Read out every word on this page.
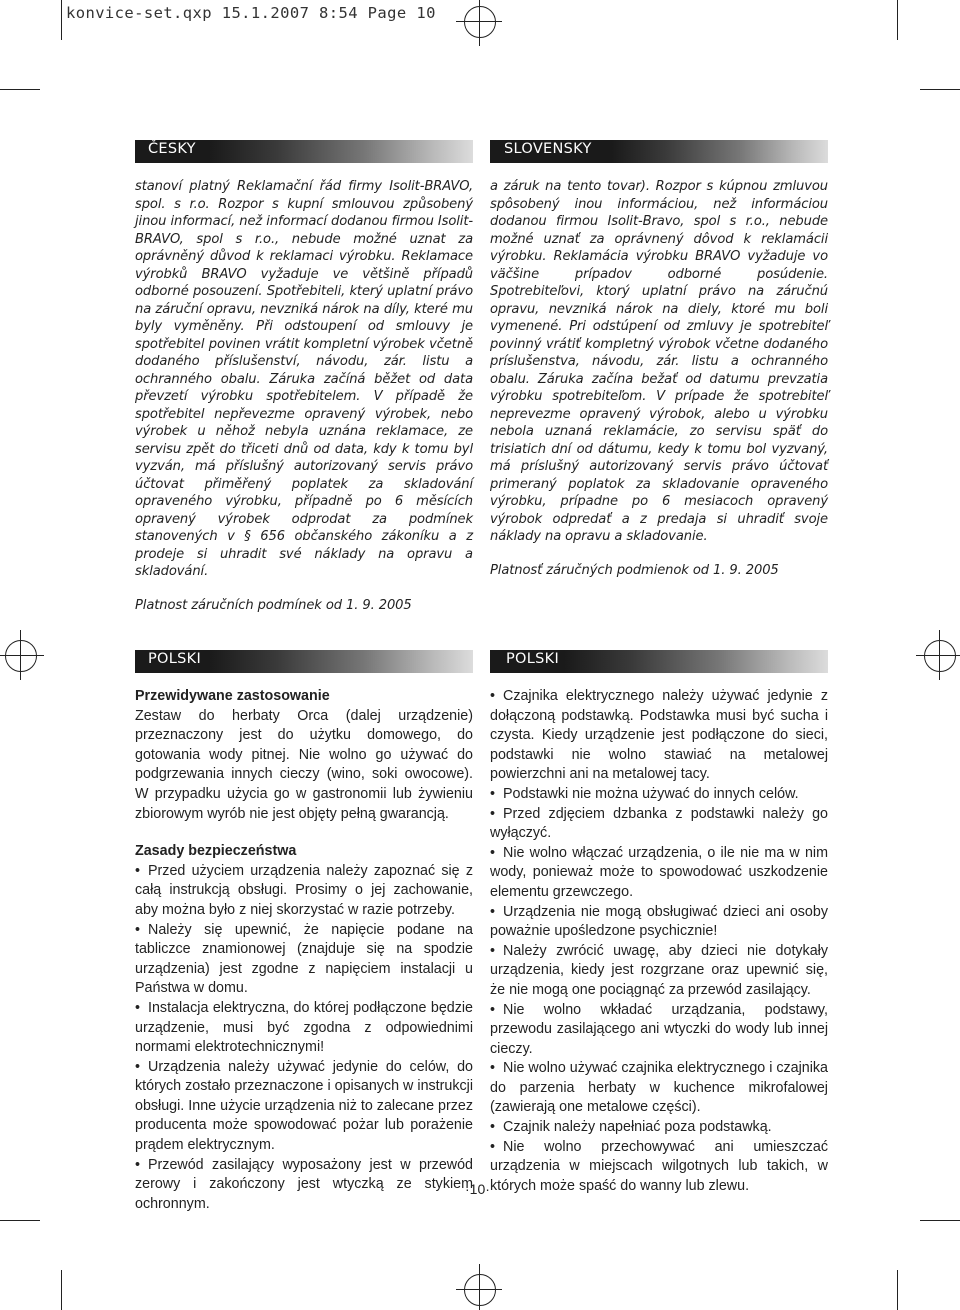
konvice-set.qxp 15.1.2007 8:54 Page 10
ČESKY	SLOVENSKY
POLSKI	POLSKI

stanoví platný Reklamační řád firmy Isolit-BRAVO, spol. s r.o. Rozpor s kupní smlouvou způsobený jinou informací, než informací dodanou firmou Isolit-BRAVO, spol s r.o., nebude možné uznat za oprávněný důvod k reklamaci výrobku. Reklamace výrobků BRAVO vyžaduje ve většině případů odborné posouzení. Spotřebiteli, který uplatní právo na záruční opravu, nevzniká nárok na díly, které mu byly vyměněny. Při odstoupení od smlouvy je spotřebitel povinen vrátit kompletní výrobek včetně dodaného příslušenství, návodu, zár. listu a ochranného obalu. Záruka začíná běžet od data převzetí výrobku spotřebitelem. V případě že spotřebitel nepřevezme opravený výrobek, nebo výrobek u něhož nebyla uznána reklamace, ze servisu zpět do třiceti dnů od data, kdy k tomu byl vyzván, má příslušný autorizovaný servis právo účtovat přiměřený poplatek za skladování opraveného výrobku, případně po 6 měsících opravený výrobek odprodat za podmínek stanovených v § 656 občanského zákoníku a z prodeje si uhradit své náklady na opravu a skladování.

Platnost záručních podmínek od 1. 9. 2005

a záruk na tento tovar). Rozpor s kúpnou zmluvou spôsobený inou informáciou, než informáciou dodanou firmou Isolit-Bravo, spol s r.o., nebude možné uznať za oprávnený dôvod k reklamácii výrobku. Reklamácia výrobku BRAVO vyžaduje vo väčšine prípadov odborné posúdenie. Spotrebiteľovi, ktorý uplatní právo na záručnú opravu, nevzniká nárok na diely, ktoré mu boli vymenené. Pri odstúpení od zmluvy je spotrebiteľ povinný vrátiť kompletný výrobok včetne dodaného príslušenstva, návodu, zár. listu a ochranného obalu. Záruka začína bežať od datumu prevzatia výrobku spotrebiteľom. V prípade že spotrebiteľ neprevezme opravený výrobok, alebo u výrobku nebola uznaná reklamácie, zo servisu späť do trisiatich dní od dátumu, kedy k tomu bol vyzvaný, má príslušný autorizovaný servis právo účtovať primeraný poplatok za skladovanie opraveného výrobku, prípadne po 6 mesiacoch opravený výrobok odpredať a z predaja si uhradiť svoje náklady na opravu a skladovanie.

Platnosť záručných podmienok od 1. 9. 2005

Przewidywane zastosowanie

Zestaw do herbaty Orca (dalej urządzenie) przeznaczony jest do użytku domowego, do gotowania wody pitnej. Nie wolno go używać do podgrzewania innych cieczy (wino, soki owocowe). W przypadku użycia go w gastronomii lub żywieniu zbiorowym wyrób nie jest objęty pełną gwarancją.

Zasady bezpieczeństwa

• Przed użyciem urządzenia należy zapoznać się z całą instrukcją obsługi. Prosimy o jej zachowanie, aby można było z niej skorzystać w razie potrzeby.

• Należy się upewnić, że napięcie podane na tabliczce znamionowej (znajduje się na spodzie urządzenia) jest zgodne z napięciem instalacji u Państwa w domu.

• Instalacja elektryczna, do której podłączone będzie urządzenie, musi być zgodna z odpowiednimi normami elektrotechnicznymi!

• Urządzenia należy używać jedynie do celów, do których zostało przeznaczone i opisanych w instrukcji obsługi. Inne użycie urządzenia niż to zalecane przez producenta może spowodować pożar lub porażenie prądem elektrycznym.

• Przewód zasilający wyposażony jest w przewód zerowy i zakończony jest wtyczką ze stykiem ochronnym.

• Czajnika elektrycznego należy używać jedynie z dołączoną podstawką. Podstawka musi być sucha i czysta. Kiedy urządzenie jest podłączone do sieci, podstawki nie wolno stawiać na metalowej powierzchni ani na metalowej tacy.

• Podstawki nie można używać do innych celów.

• Przed zdjęciem dzbanka z podstawki należy go wyłączyć.

• Nie wolno włączać urządzenia, o ile nie ma w nim wody, ponieważ może to spowodować uszkodzenie elementu grzewczego.

• Urządzenia nie mogą obsługiwać dzieci ani osoby poważnie upośledzone psychicznie!

• Należy zwrócić uwagę, aby dzieci nie dotykały urządzenia, kiedy jest rozgrzane oraz upewnić się, że nie mogą one pociągnąć za przewód zasilający.

• Nie wolno wkładać urządzania, podstawy, przewodu zasilającego ani wtyczki do wody lub innej cieczy.

• Nie wolno używać czajnika elektrycznego i czajnika do parzenia herbaty w kuchence mikrofalowej (zawierają one metalowe części).

• Czajnik należy napełniać poza podstawką.

• Nie wolno przechowywać ani umieszczać urządzenia w miejscach wilgotnych lub takich, w których może spaść do wanny lub zlewu.

·10·
